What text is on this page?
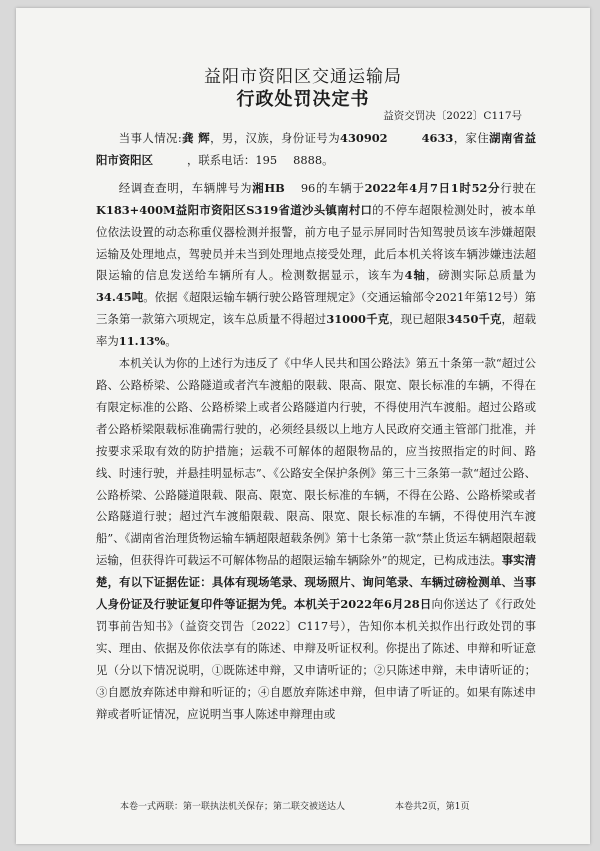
益阳市资阳区交通运输局
行政处罚决定书
益资交罚决〔2022〕C117号

当事人情况:龚 辉，男，汉族，身份证号为430902	4633，家住湖南省益阳市资阳区	，联系电话：195 8888。

经调查查明，车辆牌号为湘HB 96的车辆于2022年4月7日1时52分行驶在K183+400M益阳市资阳区S319省道沙头镇南村口的不停车超限检测处时，被本单位依法设置的动态称重仪器检测并报警，前方电子显示屏同时告知驾驶员该车涉嫌超限运输及处理地点，驾驶员并未当到处理地点接受处理，此后本机关将该车辆涉嫌违法超限运输的信息发送给车辆所有人。检测数据显示，该车为4轴，磅测实际总质量为34.45吨。依据《超限运输车辆行驶公路管理规定》（交通运输部令2021年第12号）第三条第一款第六项规定，该车总质量不得超过31000千克，现已超限3450千克，超载率为11.13%。

本机关认为你的上述行为违反了《中华人民共和国公路法》第五十条第一款“超过公路、公路桥梁、公路隧道或者汽车渡船的限载、限高、限宽、限长标准的车辆，不得在有限定标准的公路、公路桥梁上或者公路隧道内行驶，不得使用汽车渡船。超过公路或者公路桥梁限载标准确需行驶的，必须经县级以上地方人民政府交通主管部门批准，并按要求采取有效的防护措施；运载不可解体的超限物品的，应当按照指定的时间、路线、时速行驶，并悬挂明显标志”、《公路安全保护条例》第三十三条第一款“超过公路、公路桥梁、公路隧道限载、限高、限宽、限长标准的车辆，不得在公路、公路桥梁或者公路隧道行驶；超过汽车渡船限载、限高、限宽、限长标准的车辆，不得使用汽车渡船”、《湖南省治理货物运输车辆超限超载条例》第十七条第一款“禁止货运车辆超限超载运输，但获得许可载运不可解体物品的超限运输车辆除外”的规定，已构成违法。事实清楚，有以下证据佐证：具体有现场笔录、现场照片、询问笔录、车辆过磅检测单、当事人身份证及行驶证复印件等证据为凭。本机关于2022年6月28日向你送达了《行政处罚事前告知书》（益资交罚告〔2022〕C117号），告知你本机关拟作出行政处罚的事实、理由、依据及你依法享有的陈述、申辩及听证权利。你提出了陈述、申辩和听证意见（分以下情况说明，①既陈述申辩，又申请听证的；②只陈述申辩，未申请听证的；③自愿放弃陈述申辩和听证的；④自愿放弃陈述申辩，但申请了听证的。如果有陈述申辩或者听证情况，应说明当事人陈述申辩理由或

本卷一式两联：第一联执法机关保存；第二联交被送达人	本卷共2页，第1页
